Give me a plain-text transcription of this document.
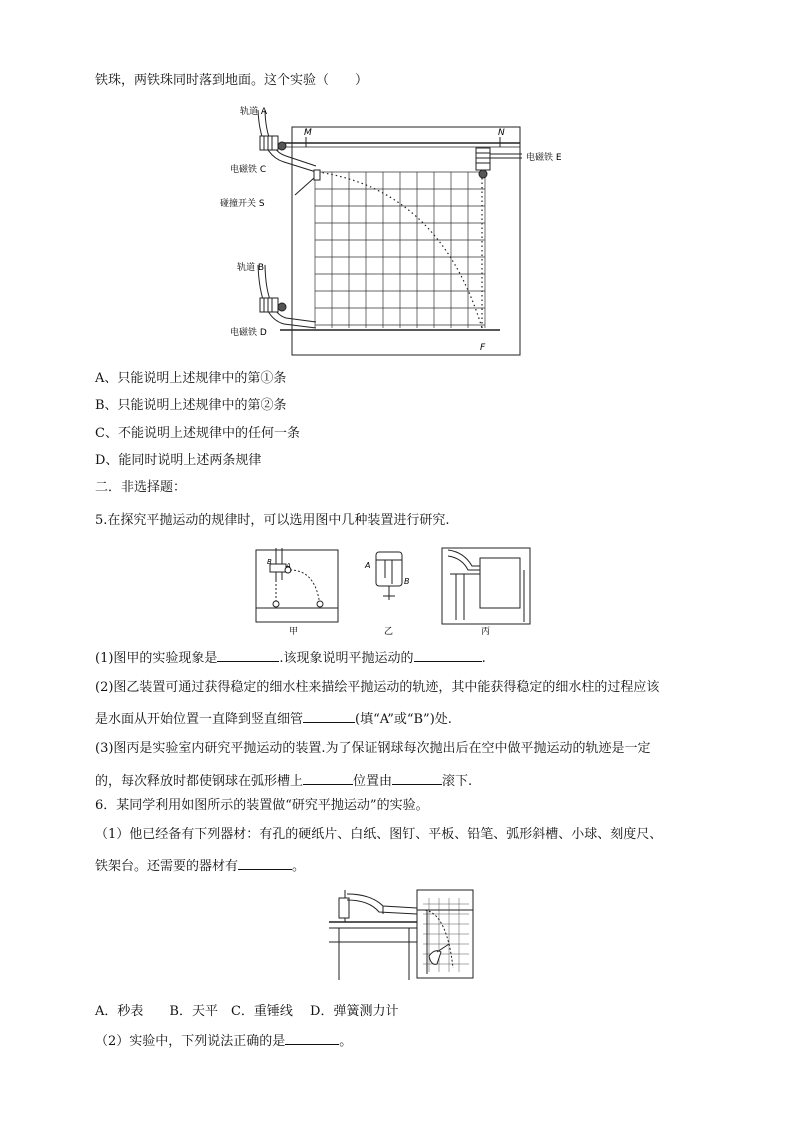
铁珠，两铁珠同时落到地面。这个实验（　　）
轨道 A
电磁铁 C
碰撞开关 S
轨道 B
电磁铁 D
电磁铁 E
M	N
F
A、只能说明上述规律中的第①条
B、只能说明上述规律中的第②条
C、不能说明上述规律中的任何一条
D、能同时说明上述两条规律
二．非选择题：
5.在探究平抛运动的规律时，可以选用图中几种装置进行研究.
A
B
甲
A
B
乙	丙
(1)图甲的实验现象是	.该现象说明平抛运动的	.
(2)图乙装置可通过获得稳定的细水柱来描绘平抛运动的轨迹，其中能获得稳定的细水柱的过程应该
是水面从开始位置一直降到竖直细管	(填“A”或“B”)处.
(3)图丙是实验室内研究平抛运动的装置.为了保证钢球每次抛出后在空中做平抛运动的轨迹是一定
的，每次释放时都使钢球在弧形槽上	位置由	滚下.
6．某同学利用如图所示的装置做“研究平抛运动”的实验。
（1）他已经备有下列器材：有孔的硬纸片、白纸、图钉、平板、铅笔、弧形斜槽、小球、刻度尺、
铁架台。还需要的器材有	。
A．秒表　　B．天平　C．重锤线　 D．弹簧测力计
（2）实验中，下列说法正确的是	。
